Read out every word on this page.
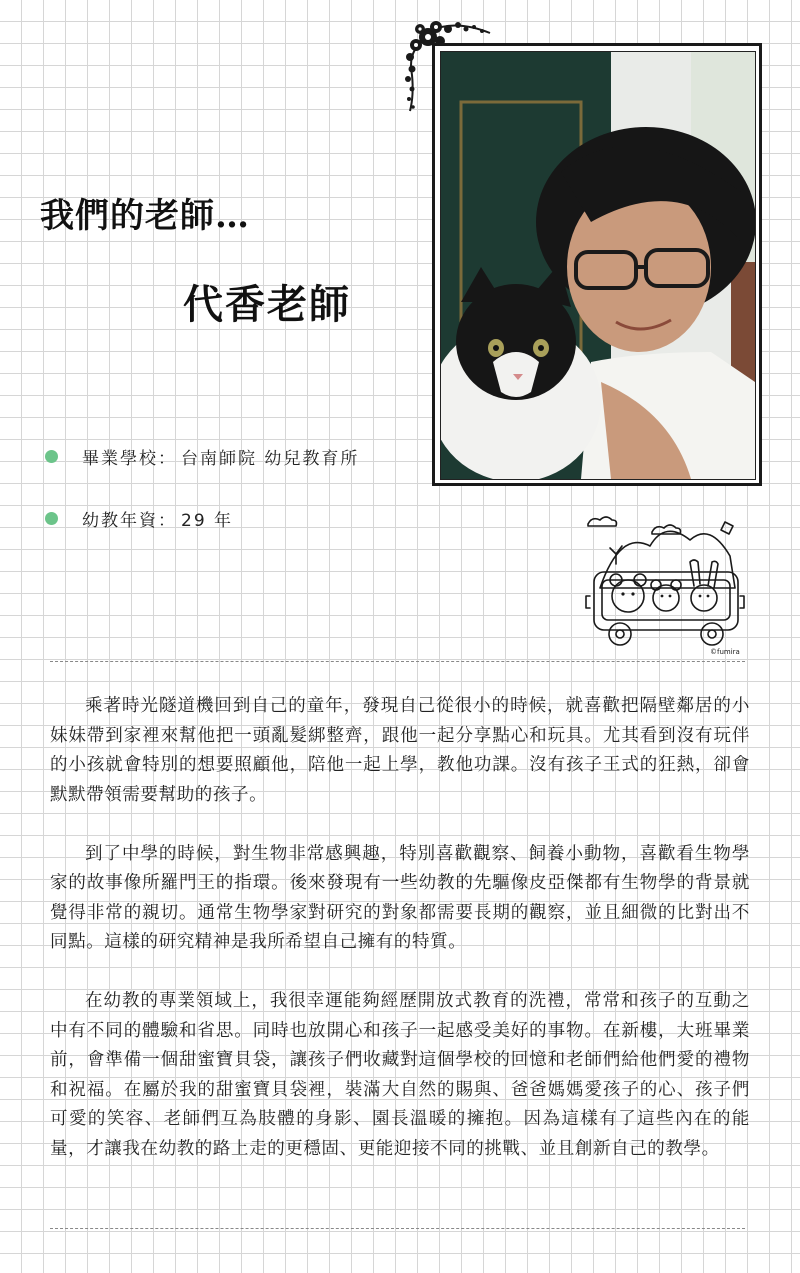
我們的老師…
代香老師
畢業學校： 台南師院 幼兒教育所
幼教年資： 29 年
©fumira

乘著時光隧道機回到自己的童年，發現自己從很小的時候，就喜歡把隔壁鄰居的小妹妹帶到家裡來幫他把一頭亂髮綁整齊，跟他一起分享點心和玩具。尤其看到沒有玩伴的小孩就會特別的想要照顧他，陪他一起上學，教他功課。沒有孩子王式的狂熱，卻會默默帶領需要幫助的孩子。

到了中學的時候，對生物非常感興趣，特別喜歡觀察、飼養小動物，喜歡看生物學家的故事像所羅門王的指環。後來發現有一些幼教的先驅像皮亞傑都有生物學的背景就覺得非常的親切。通常生物學家對研究的對象都需要長期的觀察，並且細微的比對出不同點。這樣的研究精神是我所希望自己擁有的特質。

在幼教的專業領域上，我很幸運能夠經歷開放式教育的洗禮，常常和孩子的互動之中有不同的體驗和省思。同時也放開心和孩子一起感受美好的事物。在新樓，大班畢業前，會準備一個甜蜜寶貝袋，讓孩子們收藏對這個學校的回憶和老師們給他們愛的禮物和祝福。在屬於我的甜蜜寶貝袋裡，裝滿大自然的賜與、爸爸媽媽愛孩子的心、孩子們可愛的笑容、老師們互為肢體的身影、園長溫暖的擁抱。因為這樣有了這些內在的能量，才讓我在幼教的路上走的更穩固、更能迎接不同的挑戰、並且創新自己的教學。
